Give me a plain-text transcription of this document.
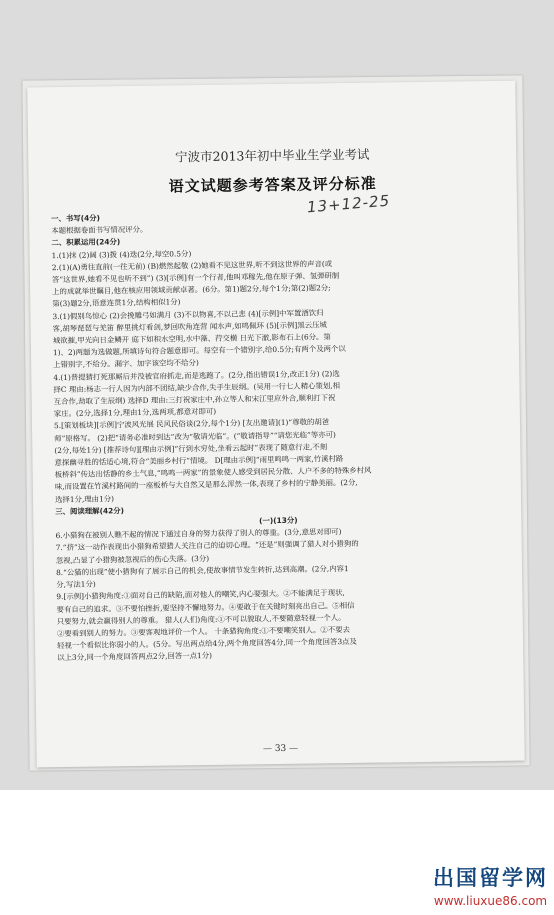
13+12-25
宁波市2013年初中毕业生学业考试
语文试题参考答案及评分标准

一、书写(4分)

本题根据卷面书写情况评分。

二、积累运用(24分)

1.(1)抹 (2)阔 (3)拨 (4)迭(2分,每空0.5分)

2.(1)(A)勇往直前(一往无前) (B)燃然起敬 (2)她看不见这世界,听不到这世界的声音(或

答“这世界,她看不见也听不到”) (3)[示例]有一个行者,他叫邓稼先,他在原子弹、氢弹研制

上的成就举世瞩目,他在核应用领域贡献卓著。(6分。第1)题2分,每个1分;第(2)题2分;

第(3)题2分,语意连贯1分,结构相似1分)

3.(1)假别鸟惊心 (2)会挽雕弓如满月 (3)不以物喜,不以己悲 (4)[示例]中军置酒饮归

客,胡琴琵琶与羌笛 醉里挑灯看剑,梦回吹角连营 闻水声,如鸣佩环 (5)[示例]黑云压城

城欲摧,甲光向日金鳞开 庭下如积水空明,水中藻、荇交横 日光下澈,影布石上(6分。第

1)、2)两题为选做题,所填诗句符合题意即可。每空有一个错别字,给0.5分;有两个及两个以

上错别字,不给分。漏字、加字该空均不给分)

4.(1)普提猜打死那厮后并没被官府抓走,而是逃跑了。(2分,指出错误1分,改正1分) (2)选

择C 理由:杨志一行人因为内部不团结,缺少合作,失手生辰纲。(吴用一行七人精心策划,相

互合作,劫取了生辰纲) 选择D 理由:三打祝家庄中,孙立等人和宋江里应外合,顺利打下祝

家庄。(2分,选择1分,理由1分,选两项,都意对即可)

5.[策划板块][示例]宁波风光展 民风民俗谈(2分,每个1分) [友出邀请](1)“尊敬的胡爸

师”原格写。 (2)把“请务必准时到达”改为“敬请光临”。(“敬请指导”“请您光临”等亦可)

(2分,每处1分) [推荐诗句][理由示例]“行到水穷处,坐看云起时”表现了随意行走,不刻

意探幽寻胜的恬适心境,符合“美丽乡村行”情境。 D[理由示例]“雨里鸣鸣一两家,竹溪村路

板桥斜”传达出恬静的乡土气息,“鸣鸣一两家”的景象使人感受到居民分散、人户不多的特殊乡村风

味,而设置在竹溪村路间的一座板桥与大自然又是那么浑然一体,表现了乡村的宁静美丽。(2分,

选择1分,理由1分)

三、阅读理解(42分)

(一)(13分)

6.小猎狗在被别人瞧不起的情况下通过自身的努力获得了别人的尊重。(3分,意思对即可)

7.“挤”这一动作表现出小猎狗希望猎人关注自己的迫切心理。“还是”则强调了猎人对小猎狗的

忽视,凸显了小猎狗被忽视后的伤心失落。(3分)

8.“公猫的出现”使小猎狗有了展示自己的机会,使故事情节发生转折,达到高潮。(2分,内容1

分,写法1分)

9.[示例]小猎狗角度:①面对自己的缺陷,面对他人的嘲笑,内心要强大。②不能满足于现状,

要有自己的追求。③不要怕挫折,要坚持不懈地努力。④要敢于在关键时刻亮出自己。⑤相信

只要努力,就会赢得别人的尊重。 猎人(人们)角度:①不可以貌取人,不要随意轻视一个人。

②要看到别人的努力。③要客观地评价一个人。 十条猎狗角度:①不要嘲笑别人。②不要去

轻视一个看似比你弱小的人。(5分。写出两点给4分,两个角度回答4分,同一个角度回答3点及

以上3分,同一个角度回答两点2分,回答一点1分)

— 33 —
出国留学网
www.liuxue86.com
